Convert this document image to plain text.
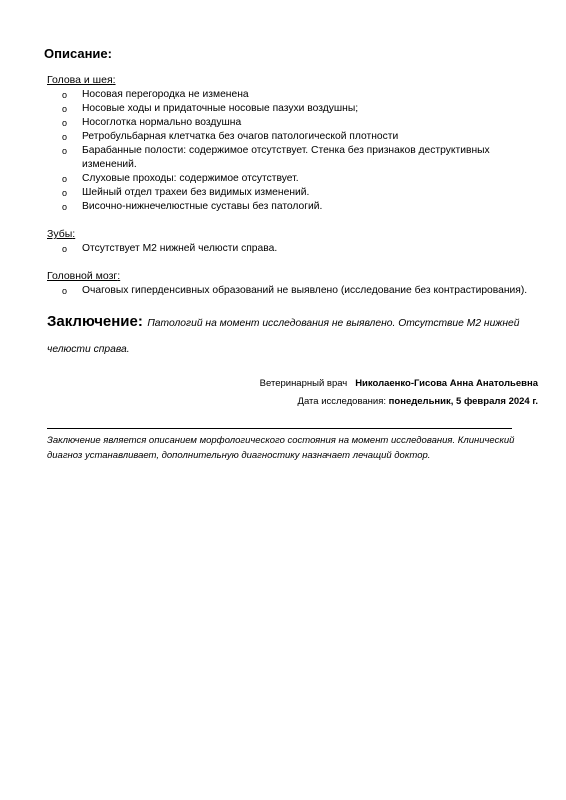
Описание:

Голова и шея:

o Носовая перегородка не изменена
o Носовые ходы и придаточные носовые пазухи воздушны;
o Носоглотка нормально воздушна
o Ретробульбарная клетчатка без очагов патологической плотности
o Барабанные полости: содержимое отсутствует. Стенка без признаков деструктивных изменений.
o Слуховые проходы: содержимое отсутствует.
o Шейный отдел трахеи без видимых изменений.
o Височно-нижнечелюстные суставы без патологий.

Зубы:

o Отсутствует М2 нижней челюсти справа.

Головной мозг:

o Очаговых гиперденсивных образований не выявлено (исследование без контрастирования).

Заключение: Патологий на момент исследования не выявлено. Отсутствие М2 нижней челюсти справа.

Ветеринарный врач Николаенко-Гисова Анна Анатольевна
Дата исследования: понедельник, 5 февраля 2024 г.

Заключение является описанием морфологического состояния на момент исследования. Клинический диагноз устанавливает, дополнительную диагностику назначает лечащий доктор.
